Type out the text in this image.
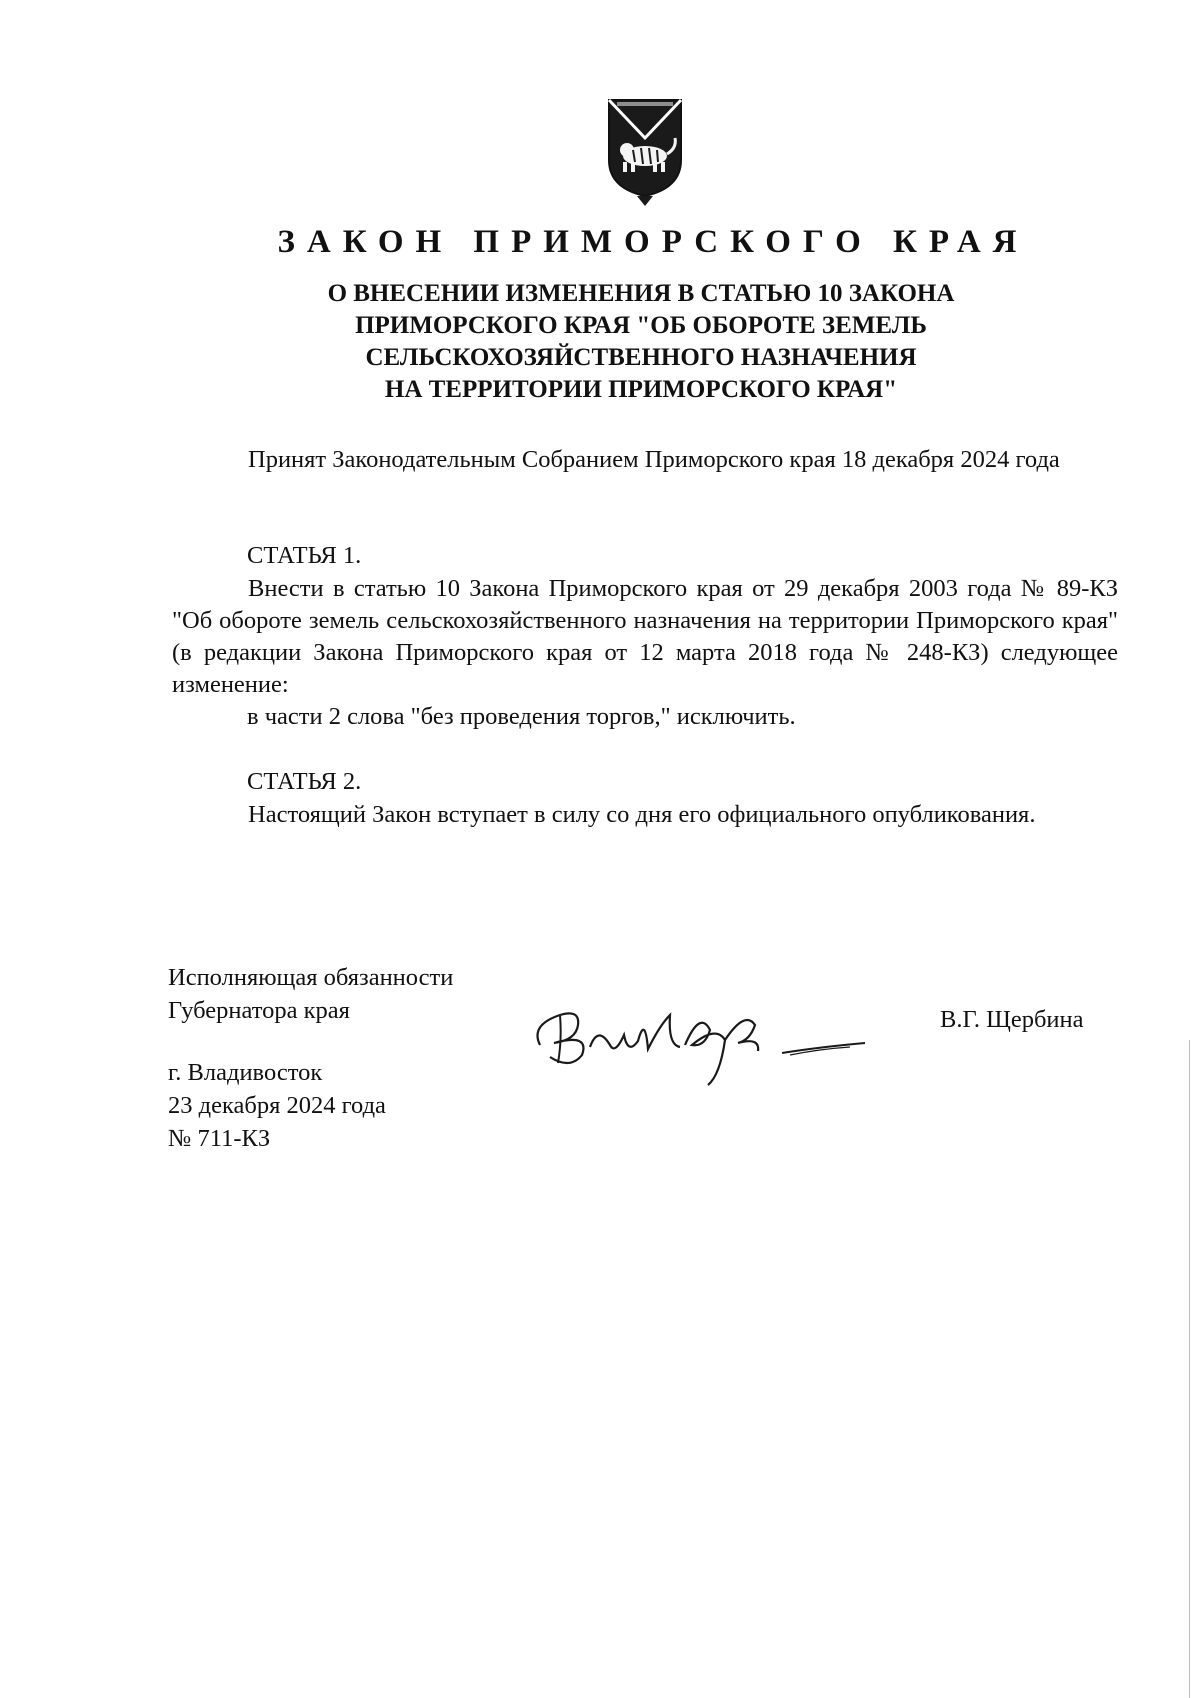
ЗАКОН ПРИМОРСКОГО КРАЯ
О ВНЕСЕНИИ ИЗМЕНЕНИЯ В СТАТЬЮ 10 ЗАКОНА
ПРИМОРСКОГО КРАЯ "ОБ ОБОРОТЕ ЗЕМЕЛЬ
СЕЛЬСКОХОЗЯЙСТВЕННОГО НАЗНАЧЕНИЯ
НА ТЕРРИТОРИИ ПРИМОРСКОГО КРАЯ"
Принят Законодательным Собранием Приморского края 18 декабря 2024 года
СТАТЬЯ 1.
Внести в статью 10 Закона Приморского края от 29 декабря 2003 года № 89-КЗ "Об обороте земель сельскохозяйственного назначения на территории Приморского края" (в редакции Закона Приморского края от 12 марта 2018 года № 248-КЗ) следующее изменение:
в части 2 слова "без проведения торгов," исключить.
СТАТЬЯ 2.
Настоящий Закон вступает в силу со дня его официального опубликования.
Исполняющая обязанности
Губернатора края	В.Г. Щербина
г. Владивосток
23 декабря 2024 года
№ 711-КЗ
